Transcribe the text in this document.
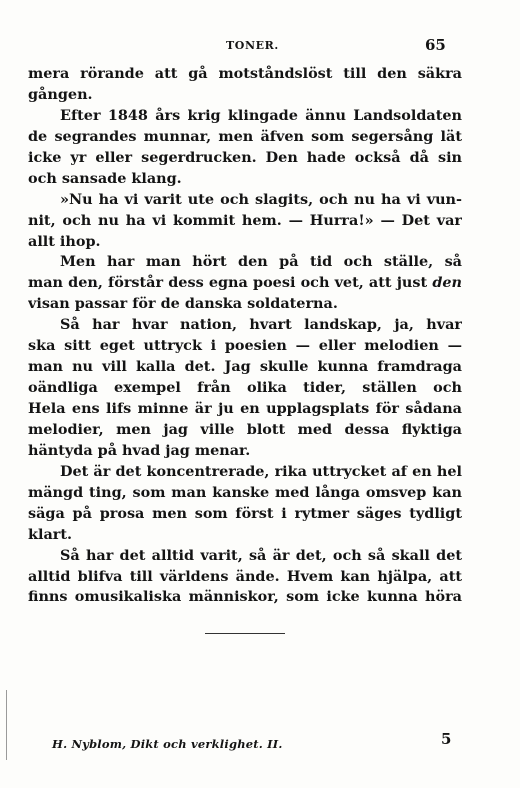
TONER.	65
mera rörande att gå motståndslöst till den säkra
gången.
Efter 1848 års krig klingade ännu Landsoldaten
de segrandes munnar, men äfven som segersång lät
icke yr eller segerdrucken. Den hade också då sin
och sansade klang.
»Nu ha vi varit ute och slagits, och nu ha vi vun-
nit, och nu ha vi kommit hem. — Hurra!» — Det var
allt ihop.
Men har man hört den på tid och ställe, så
man den, förstår dess egna poesi och vet, att just den
visan passar för de danska soldaterna.
Så har hvar nation, hvart landskap, ja, hvar
ska sitt eget uttryck i poesien — eller melodien —
man nu vill kalla det. Jag skulle kunna framdraga
oändliga exempel från olika tider, ställen och
Hela ens lifs minne är ju en upplagsplats för sådana
melodier, men jag ville blott med dessa flyktiga
häntyda på hvad jag menar.
Det är det koncentrerade, rika uttrycket af en hel
mängd ting, som man kanske med långa omsvep kan
säga på prosa men som först i rytmer säges tydligt
klart.
Så har det alltid varit, så är det, och så skall det
alltid blifva till världens ände. Hvem kan hjälpa, att
finns omusikaliska människor, som icke kunna höra
H. Nyblom, Dikt och verklighet. II.	5
